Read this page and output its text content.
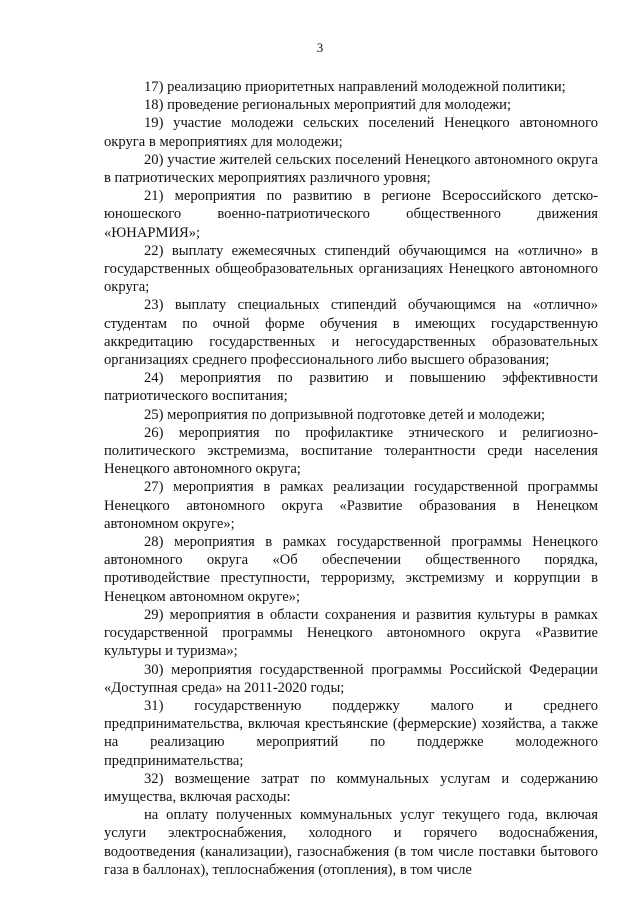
3

17) реализацию приоритетных направлений молодежной политики;

18) проведение региональных мероприятий для молодежи;

19) участие молодежи сельских поселений Ненецкого автономного округа в мероприятиях для молодежи;

20) участие жителей сельских поселений Ненецкого автономного округа в патриотических мероприятиях различного уровня;

21) мероприятия по развитию в регионе Всероссийского детско-юношеского военно-патриотического общественного движения «ЮНАРМИЯ»;

22) выплату ежемесячных стипендий обучающимся на «отлично» в государственных общеобразовательных организациях Ненецкого автономного округа;

23) выплату специальных стипендий обучающимся на «отлично» студентам по очной форме обучения в имеющих государственную аккредитацию государственных и негосударственных образовательных организациях среднего профессионального либо высшего образования;

24) мероприятия по развитию и повышению эффективности патриотического воспитания;

25) мероприятия по допризывной подготовке детей и молодежи;

26) мероприятия по профилактике этнического и религиозно-политического экстремизма, воспитание толерантности среди населения Ненецкого автономного округа;

27) мероприятия в рамках реализации государственной программы Ненецкого автономного округа «Развитие образования в Ненецком автономном округе»;

28) мероприятия в рамках государственной программы Ненецкого автономного округа «Об обеспечении общественного порядка, противодействие преступности, терроризму, экстремизму и коррупции в Ненецком автономном округе»;

29) мероприятия в области сохранения и развития культуры в рамках государственной программы Ненецкого автономного округа «Развитие культуры и туризма»;

30) мероприятия государственной программы Российской Федерации «Доступная среда» на 2011-2020 годы;

31) государственную поддержку малого и среднего предпринимательства, включая крестьянские (фермерские) хозяйства, а также на реализацию мероприятий по поддержке молодежного предпринимательства;

32) возмещение затрат по коммунальных услугам и содержанию имущества, включая расходы:

на оплату полученных коммунальных услуг текущего года, включая услуги электроснабжения, холодного и горячего водоснабжения, водоотведения (канализации), газоснабжения (в том числе поставки бытового газа в баллонах), теплоснабжения (отопления), в том числе
